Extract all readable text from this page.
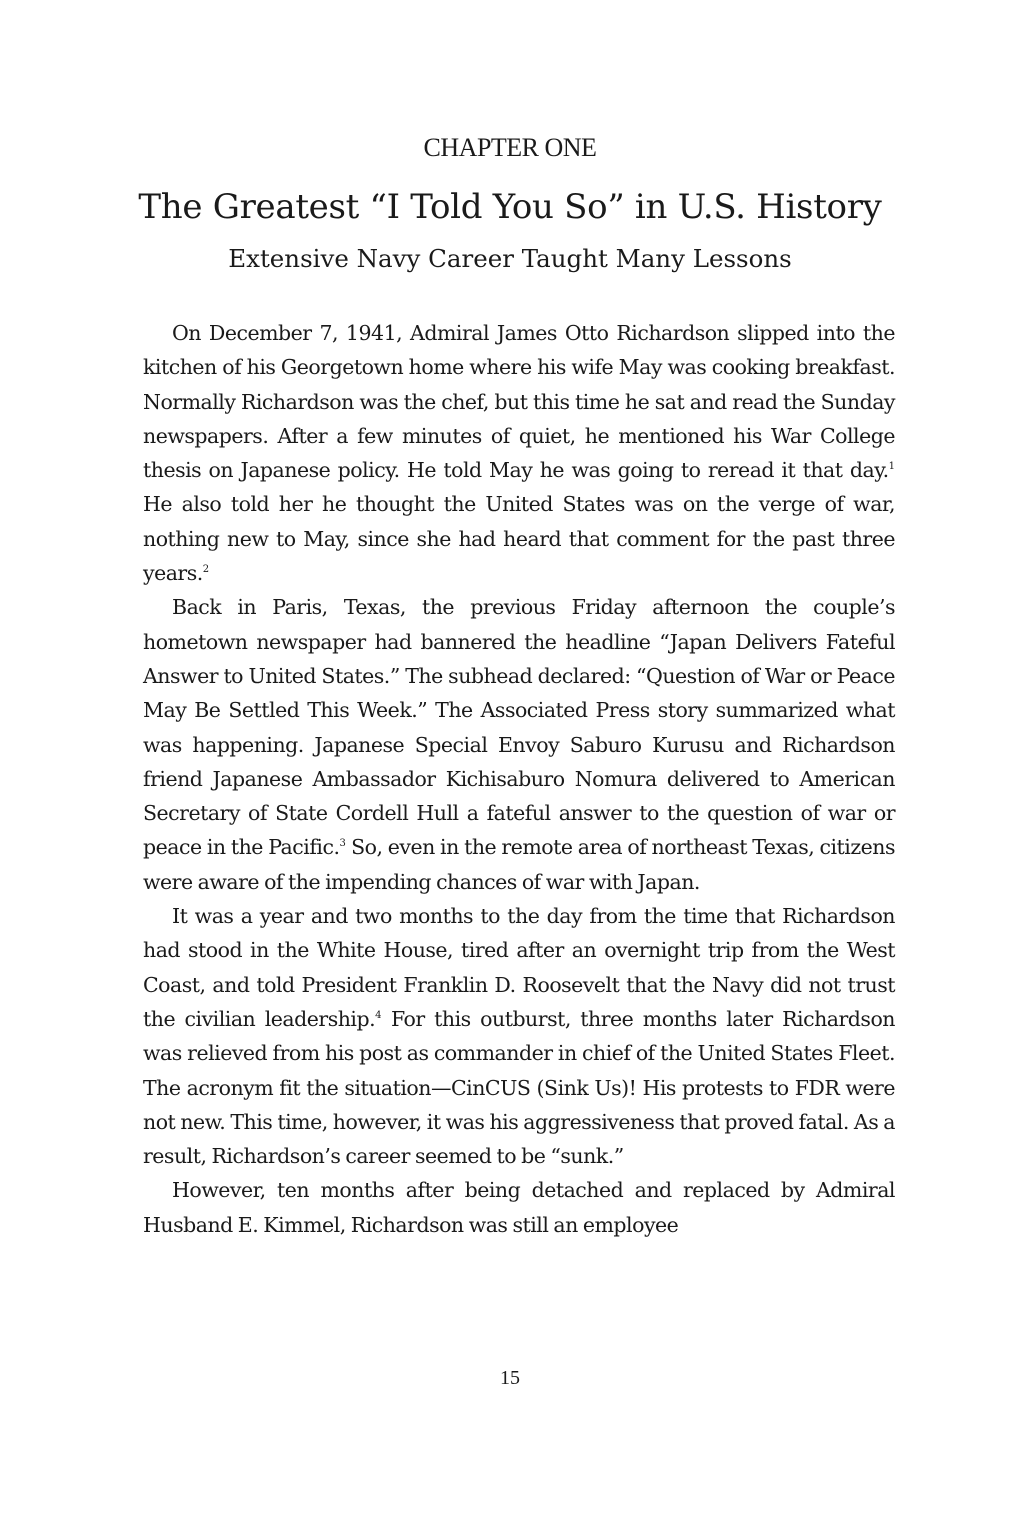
CHAPTER ONE
The Greatest “I Told You So” in U.S. History
Extensive Navy Career Taught Many Lessons

On December 7, 1941, Admiral James Otto Richardson slipped into the kitchen of his Georgetown home where his wife May was cooking breakfast. Normally Richardson was the chef, but this time he sat and read the Sunday newspapers. After a few minutes of quiet, he mentioned his War College thesis on Japanese policy. He told May he was going to reread it that day.$^1$ He also told her he thought the United States was on the verge of war, nothing new to May, since she had heard that comment for the past three years.$^2$

Back in Paris, Texas, the previous Friday afternoon the couple’s hometown newspaper had bannered the headline “Japan Delivers Fateful Answer to United States.” The subhead declared: “Question of War or Peace May Be Settled This Week.” The Associated Press story summarized what was happening. Japanese Special Envoy Saburo Kurusu and Richardson friend Japanese Ambassador Kichisaburo Nomura delivered to American Secretary of State Cordell Hull a fateful answer to the question of war or peace in the Pacific.$^3$ So, even in the remote area of northeast Texas, citizens were aware of the impending chances of war with Japan.

It was a year and two months to the day from the time that Richardson had stood in the White House, tired after an overnight trip from the West Coast, and told President Franklin D. Roosevelt that the Navy did not trust the civilian leadership.$^4$ For this outburst, three months later Richardson was relieved from his post as commander in chief of the United States Fleet. The acronym fit the situation—CinCUS (Sink Us)! His protests to FDR were not new. This time, however, it was his aggressiveness that proved fatal. As a result, Richardson’s career seemed to be “sunk.”

However, ten months after being detached and replaced by Admiral Husband E. Kimmel, Richardson was still an employee

15
